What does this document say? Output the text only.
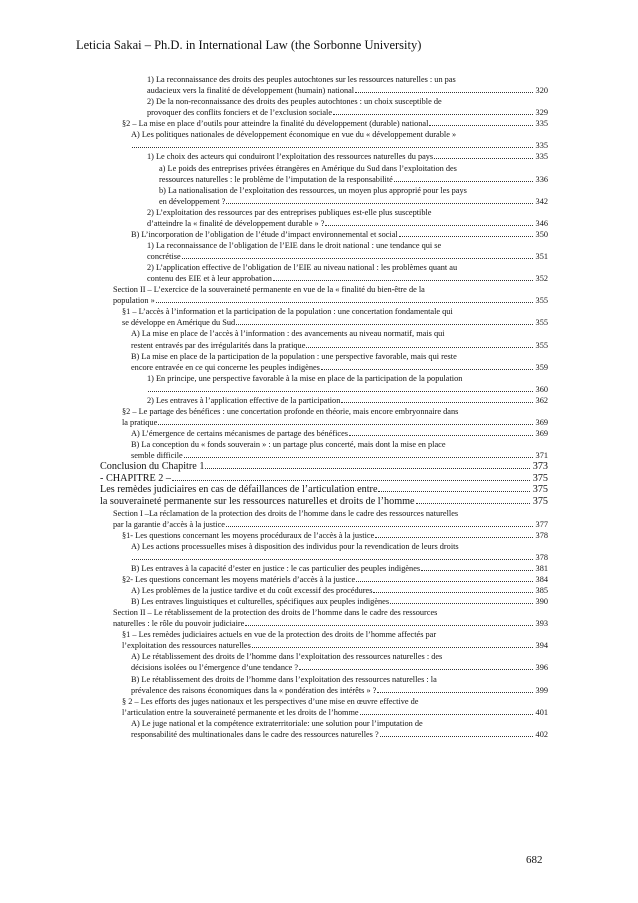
Leticia Sakai – Ph.D. in International Law (the Sorbonne University)
1) La reconnaissance des droits des peuples autochtones sur les ressources naturelles : un pas
audacieux vers la finalité de développement (humain) national	320
2) De la non-reconnaissance des droits des peuples autochtones : un choix susceptible de
provoquer des conflits fonciers et de l’exclusion sociale	329
§2 – La mise en place d’outils pour atteindre la finalité du développement (durable) national	335
A) Les politiques nationales de développement économique en vue du « développement durable »
335
1) Le choix des acteurs qui conduiront l’exploitation des ressources naturelles du pays	335
a) Le poids des entreprises privées étrangères en Amérique du Sud dans l’exploitation des
ressources naturelles : le problème de l’imputation de la responsabilité	336
b) La nationalisation de l’exploitation des ressources, un moyen plus approprié pour les pays
en développement ?	342
2) L’exploitation des ressources par des entreprises publiques est-elle plus susceptible
d’atteindre la « finalité de développement durable » ?	346
B) L’incorporation de l’obligation de l’étude d’impact environnemental et social	350
1) La reconnaissance de l’obligation de l’EIE dans le droit national : une tendance qui se
concrétise	351
2) L’application effective de l’obligation de l’EIE au niveau national : les problèmes quant au
contenu des EIE et à leur approbation	352
Section II – L’exercice de la souveraineté permanente en vue de la « finalité du bien-être de la
population »	355
§1 – L’accès à l’information et la participation de la population : une concertation fondamentale qui
se développe en Amérique du Sud	355
A) La mise en place de l’accès à l’information : des avancements au niveau normatif, mais qui
restent entravés par des irrégularités dans la pratique	355
B) La mise en place de la participation de la population : une perspective favorable, mais qui reste
encore entravée en ce qui concerne les peuples indigènes	359
1) En principe, une perspective favorable à la mise en place de la participation de la population
360
2) Les entraves à l’application effective de la participation	362
§2 – Le partage des bénéfices : une concertation profonde en théorie, mais encore embryonnaire dans
la pratique	369
A) L’émergence de certains mécanismes de partage des bénéfices	369
B) La conception du « fonds souverain » : un partage plus concerté, mais dont la mise en place
semble difficile	371
Conclusion du Chapitre 1	373
- CHAPITRE 2 –	375
Les remèdes judiciaires en cas de défaillances de l’articulation entre	375
la souveraineté permanente sur les ressources naturelles et droits de l’homme	375
Section I –La réclamation de la protection des droits de l’homme dans le cadre des ressources naturelles
par la garantie d’accès à la justice	377
§1- Les questions concernant les moyens procéduraux de l’accès à la justice	378
A) Les actions processuelles mises à disposition des individus pour la revendication de leurs droits
378
B) Les entraves à la capacité d’ester en justice : le cas particulier des peuples indigènes	381
§2- Les questions concernant les moyens matériels d’accès à la justice	384
A) Les problèmes de la justice tardive et du coût excessif des procédures	385
B) Les entraves linguistiques et culturelles, spécifiques aux peuples indigènes	390
Section II – Le rétablissement de la protection des droits de l’homme dans le cadre des ressources
naturelles : le rôle du pouvoir judiciaire	393
§1 – Les remèdes judiciaires actuels en vue de la protection des droits de l’homme affectés par
l’exploitation des ressources naturelles	394
A) Le rétablissement des droits de l’homme dans l’exploitation des ressources naturelles : des
décisions isolées ou l’émergence d’une tendance ?	396
B) Le rétablissement des droits de l’homme dans l’exploitation des ressources naturelles : la
prévalence des raisons économiques dans la « pondération des intérêts » ?	399
§ 2 – Les efforts des juges nationaux et les perspectives d’une mise en œuvre effective de
l’articulation entre la souveraineté permanente et les droits de l’homme	401
A) Le juge national et la compétence extraterritoriale: une solution pour l’imputation de
responsabilité des multinationales dans le cadre des ressources naturelles ?	402
682
